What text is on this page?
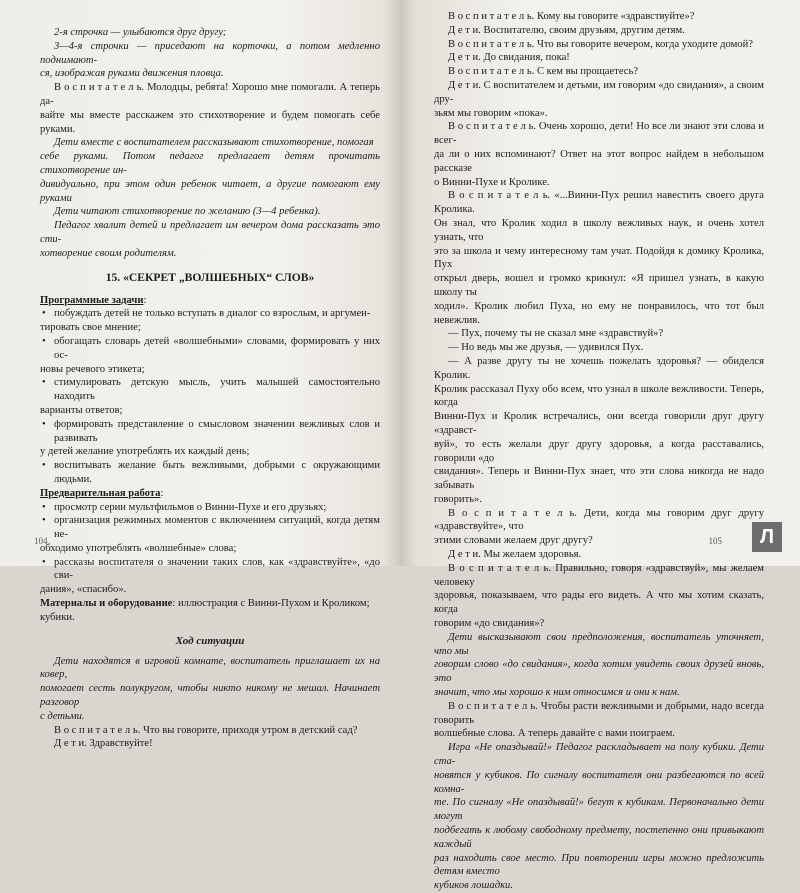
2-я строчка — улыбаются друг другу;

3—4-я строчки — приседают на корточки, а потом медленно поднимают-

ся, изображая руками движения пловца.

В о с п и т а т е л ь. Молодцы, ребята! Хорошо мне помогали. А теперь да-

вайте мы вместе расскажем это стихотворение и будем помогать себе руками.

Дети вместе с воспитателем рассказывают стихотворение, помогая

себе руками. Потом педагог предлагает детям прочитать стихотворение ин-

дивидуально, при этом один ребенок читает, а другие помогают ему руками

Дети читают стихотворение по желанию (3—4 ребенка).

Педагог хвалит детей и предлагает им вечером дома рассказать это сти-

хотворение своим родителям.

15. «СЕКРЕТ „ВОЛШЕБНЫХ“ СЛОВ»

Программные задачи:

• побуждать детей не только вступать в диалог со взрослым, и аргумен-

тировать свое мнение;

• обогащать словарь детей «волшебными» словами, формировать у них ос-

новы речевого этикета;

• стимулировать детскую мысль, учить малышей самостоятельно находить

варианты ответов;

• формировать представление о смысловом значении вежливых слов и развивать

у детей желание употреблять их каждый день;

• воспитывать желание быть вежливыми, добрыми с окружающими людьми.

Предварительная работа:

• просмотр серии мультфильмов о Винни-Пухе и его друзьях;

• организация режимных моментов с включением ситуаций, когда детям не-

обходимо употреблять «волшебные» слова;

• рассказы воспитателя о значении таких слов, как «здравствуйте», «до сви-

дания», «спасибо».

Материалы и оборудование: иллюстрация с Винни-Пухом и Кроликом;

кубики.

Ход ситуации

Дети находятся в игровой комнате, воспитатель приглашает их на ковер,

помогает сесть полукругом, чтобы никто никому не мешал. Начинает разговор

с детьми.

В о с п и т а т е л ь. Что вы говорите, приходя утром в детский сад?

Д е т и. Здравствуйте!

104

В о с п и т а т е л ь. Кому вы говорите «здравствуйте»?

Д е т и. Воспитателю, своим друзьям, другим детям.

В о с п и т а т е л ь. Что вы говорите вечером, когда уходите домой?

Д е т и. До свидания, пока!

В о с п и т а т е л ь. С кем вы прощаетесь?

Д е т и. С воспитателем и детьми, им говорим «до свидания», а своим дру-

зьям мы говорим «пока».

В о с п и т а т е л ь. Очень хорошо, дети! Но все ли знают эти слова и всег-

да ли о них вспоминают? Ответ на этот вопрос найдем в небольшом рассказе

о Винни-Пухе и Кролике.

В о с п и т а т е л ь. «...Винни-Пух решил навестить своего друга Кролика.

Он знал, что Кролик ходил в школу вежливых наук, и очень хотел узнать, что

это за школа и чему интересному там учат. Подойдя к домику Кролика, Пух

открыл дверь, вошел и громко крикнул: «Я пришел узнать, в какую школу ты

ходил». Кролик любил Пуха, но ему не понравилось, что тот был невежлив.

— Пух, почему ты не сказал мне «здравствуй»?

— Но ведь мы же друзья, — удивился Пух.

— А разве другу ты не хочешь пожелать здоровья? — обиделся Кролик.

Кролик рассказал Пуху обо всем, что узнал в школе вежливости. Теперь, когда

Винни-Пух и Кролик встречались, они всегда говорили друг другу «здравст-

вуй», то есть желали друг другу здоровья, а когда расставались, говорили «до

свидания». Теперь и Винни-Пух знает, что эти слова никогда не надо забывать

говорить».

В о с п и т а т е л ь. Дети, когда мы говорим друг другу «здравствуйте», что

этими словами желаем друг другу?

Д е т и. Мы желаем здоровья.

В о с п и т а т е л ь. Правильно, говоря «здравствуй», мы желаем человеку

здоровья, показываем, что рады его видеть. А что мы хотим сказать, когда

говорим «до свидания»?

Дети высказывают свои предположения, воспитатель уточняет, что мы

говорим слово «до свидания», когда хотим увидеть своих друзей вновь, это

значит, что мы хорошо к ним относимся и они к нам.

В о с п и т а т е л ь. Чтобы расти вежливыми и добрыми, надо всегда говорить

волшебные слова. А теперь давайте с вами поиграем.

Игра «Не опаздывай!» Педагог раскладывает на полу кубики. Дети ста-

новятся у кубиков. По сигналу воспитателя они разбегаются по всей комна-

те. По сигналу «Не опаздывай!» бегут к кубикам. Первоначально дети могут

подбегать к любому свободному предмету, постепенно они привыкают каждый

раз находить свое место. При повторении игры можно предложить детям вместо

кубиков лошадки.

105	Л
